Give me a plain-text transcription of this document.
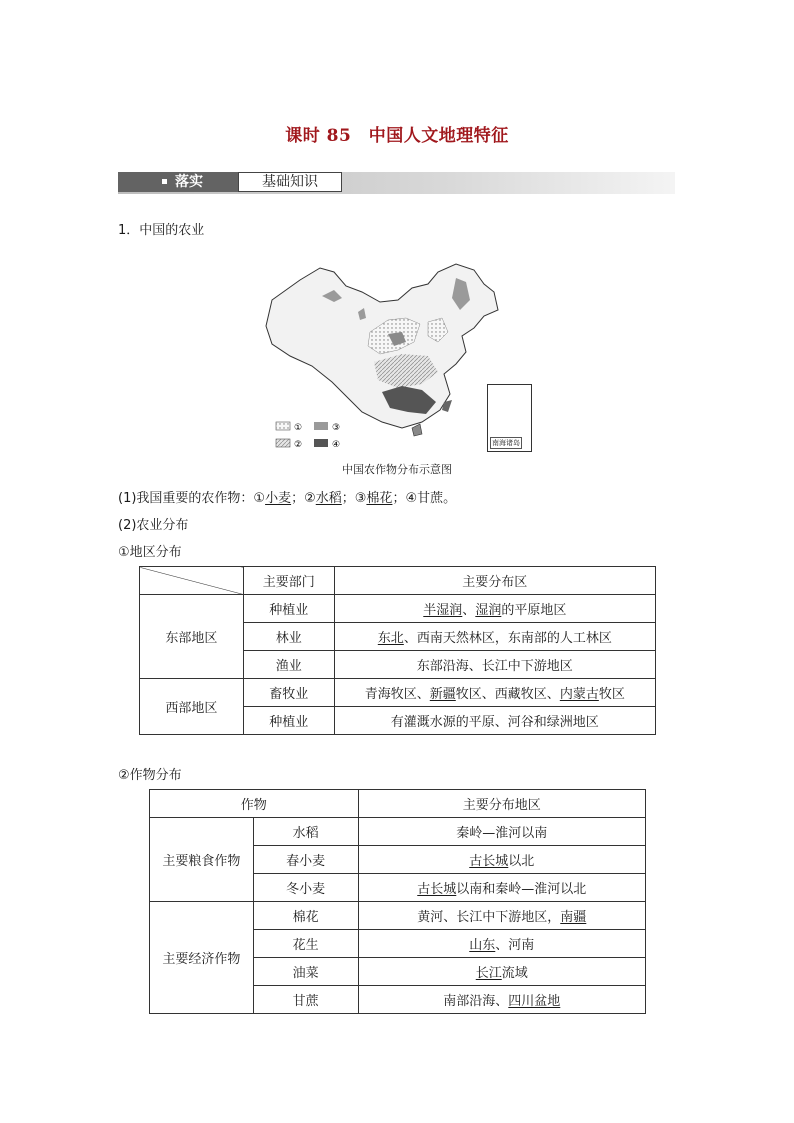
课时 85　中国人文地理特征
落实	基础知识
1．中国的农业
①	③
②	④	南海诸岛
中国农作物分布示意图
(1)我国重要的农作物：①小麦；②水稻；③棉花；④甘蔗。
(2)农业分布
①地区分布
	主要部门	主要分布区
东部地区	种植业	半湿润、湿润的平原地区
	林业	东北、西南天然林区，东南部的人工林区
	渔业	东部沿海、长江中下游地区
西部地区	畜牧业	青海牧区、新疆牧区、西藏牧区、内蒙古牧区
	种植业	有灌溉水源的平原、河谷和绿洲地区
②作物分布
作物		主要分布地区
主要粮食作物	水稻	秦岭—淮河以南
	春小麦	古长城以北
	冬小麦	古长城以南和秦岭—淮河以北
主要经济作物	棉花	黄河、长江中下游地区，南疆
	花生	山东、河南
	油菜	长江流域
	甘蔗	南部沿海、四川盆地
